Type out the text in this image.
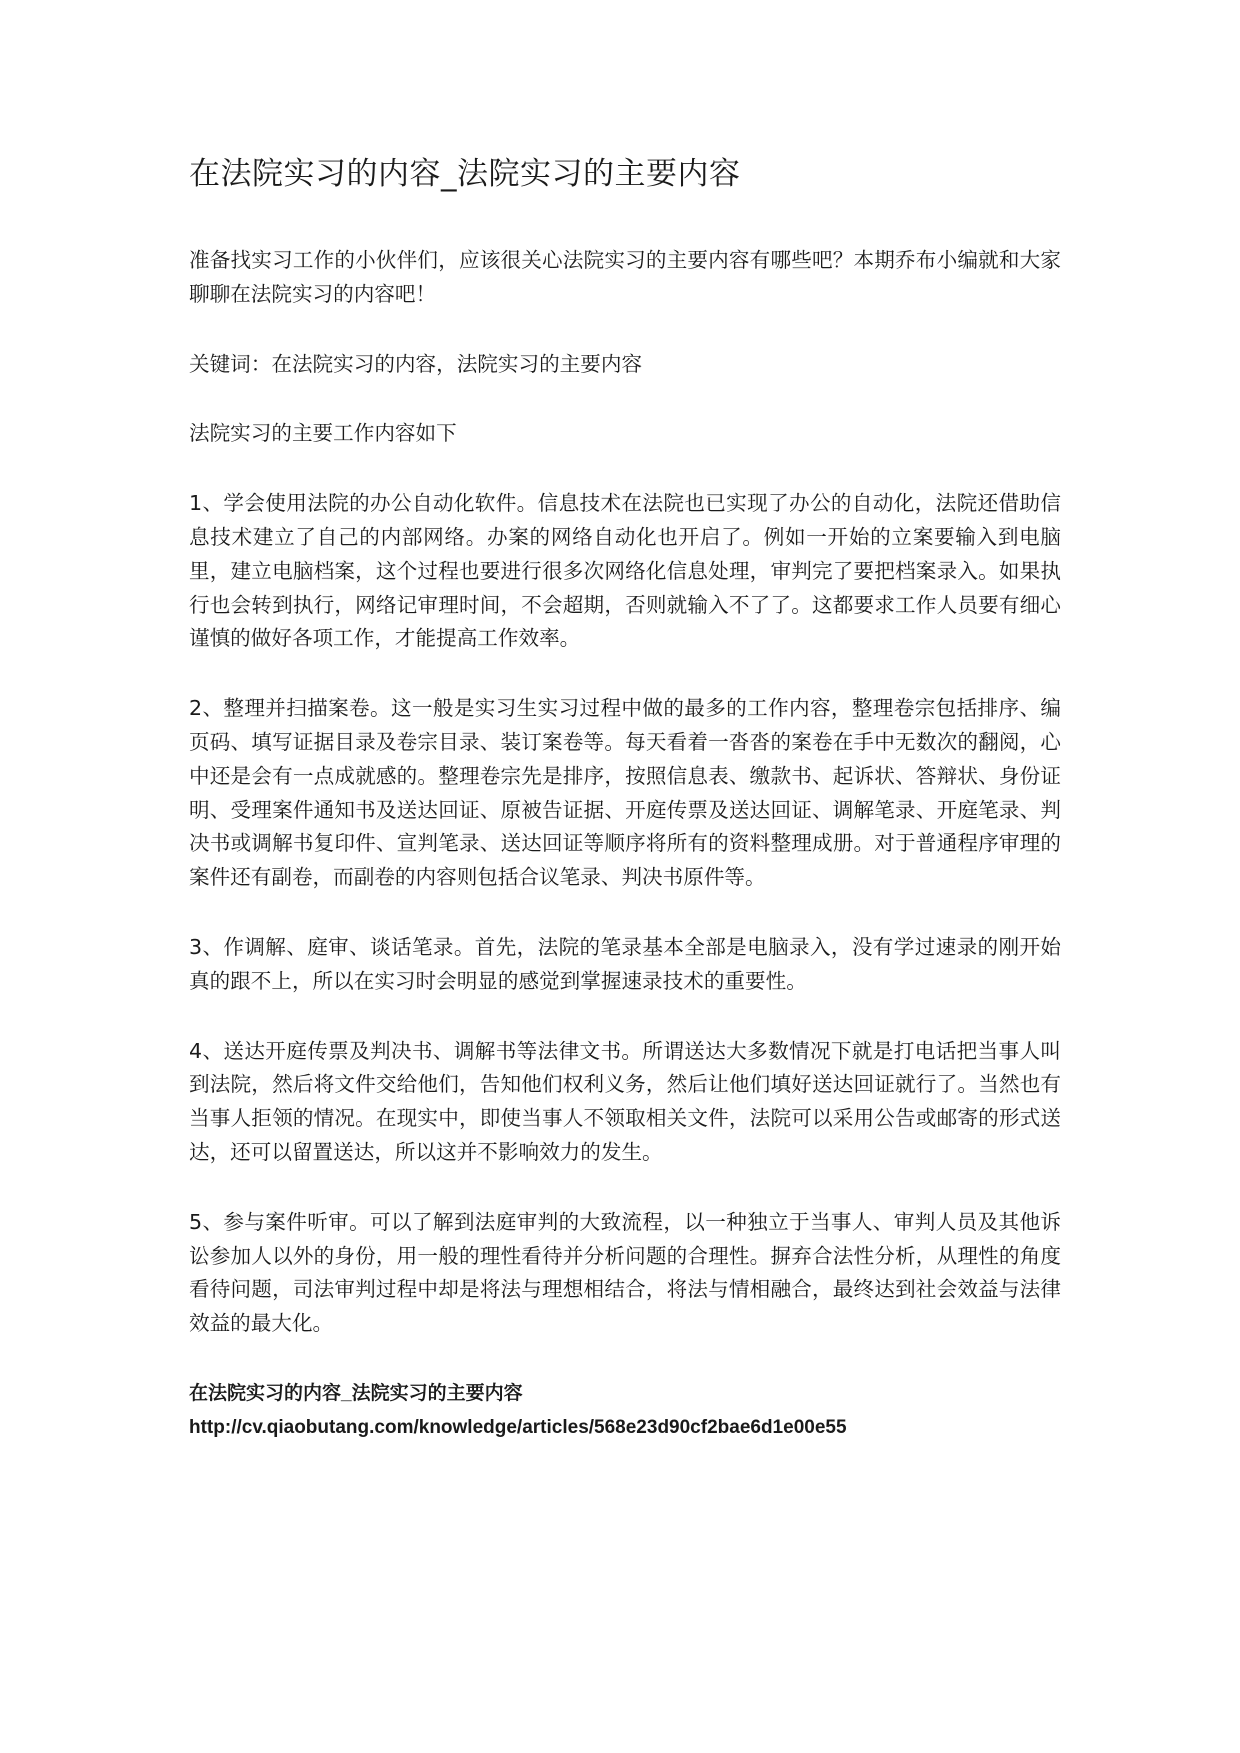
在法院实习的内容_法院实习的主要内容

准备找实习工作的小伙伴们，应该很关心法院实习的主要内容有哪些吧？本期乔布小编就和大家聊聊在法院实习的内容吧！

关键词：在法院实习的内容，法院实习的主要内容

法院实习的主要工作内容如下

1、学会使用法院的办公自动化软件。信息技术在法院也已实现了办公的自动化，法院还借助信息技术建立了自己的内部网络。办案的网络自动化也开启了。例如一开始的立案要输入到电脑里，建立电脑档案，这个过程也要进行很多次网络化信息处理，审判完了要把档案录入。如果执行也会转到执行，网络记审理时间，不会超期，否则就输入不了了。这都要求工作人员要有细心谨慎的做好各项工作，才能提高工作效率。

2、整理并扫描案卷。这一般是实习生实习过程中做的最多的工作内容，整理卷宗包括排序、编页码、填写证据目录及卷宗目录、装订案卷等。每天看着一沓沓的案卷在手中无数次的翻阅，心中还是会有一点成就感的。整理卷宗先是排序，按照信息表、缴款书、起诉状、答辩状、身份证明、受理案件通知书及送达回证、原被告证据、开庭传票及送达回证、调解笔录、开庭笔录、判决书或调解书复印件、宣判笔录、送达回证等顺序将所有的资料整理成册。对于普通程序审理的案件还有副卷，而副卷的内容则包括合议笔录、判决书原件等。

3、作调解、庭审、谈话笔录。首先，法院的笔录基本全部是电脑录入，没有学过速录的刚开始真的跟不上，所以在实习时会明显的感觉到掌握速录技术的重要性。

4、送达开庭传票及判决书、调解书等法律文书。所谓送达大多数情况下就是打电话把当事人叫到法院，然后将文件交给他们，告知他们权利义务，然后让他们填好送达回证就行了。当然也有当事人拒领的情况。在现实中，即使当事人不领取相关文件，法院可以采用公告或邮寄的形式送达，还可以留置送达，所以这并不影响效力的发生。

5、参与案件听审。可以了解到法庭审判的大致流程，以一种独立于当事人、审判人员及其他诉讼参加人以外的身份，用一般的理性看待并分析问题的合理性。摒弃合法性分析，从理性的角度看待问题，司法审判过程中却是将法与理想相结合，将法与情相融合，最终达到社会效益与法律效益的最大化。

在法院实习的内容_法院实习的主要内容
http://cv.qiaobutang.com/knowledge/articles/568e23d90cf2bae6d1e00e55
